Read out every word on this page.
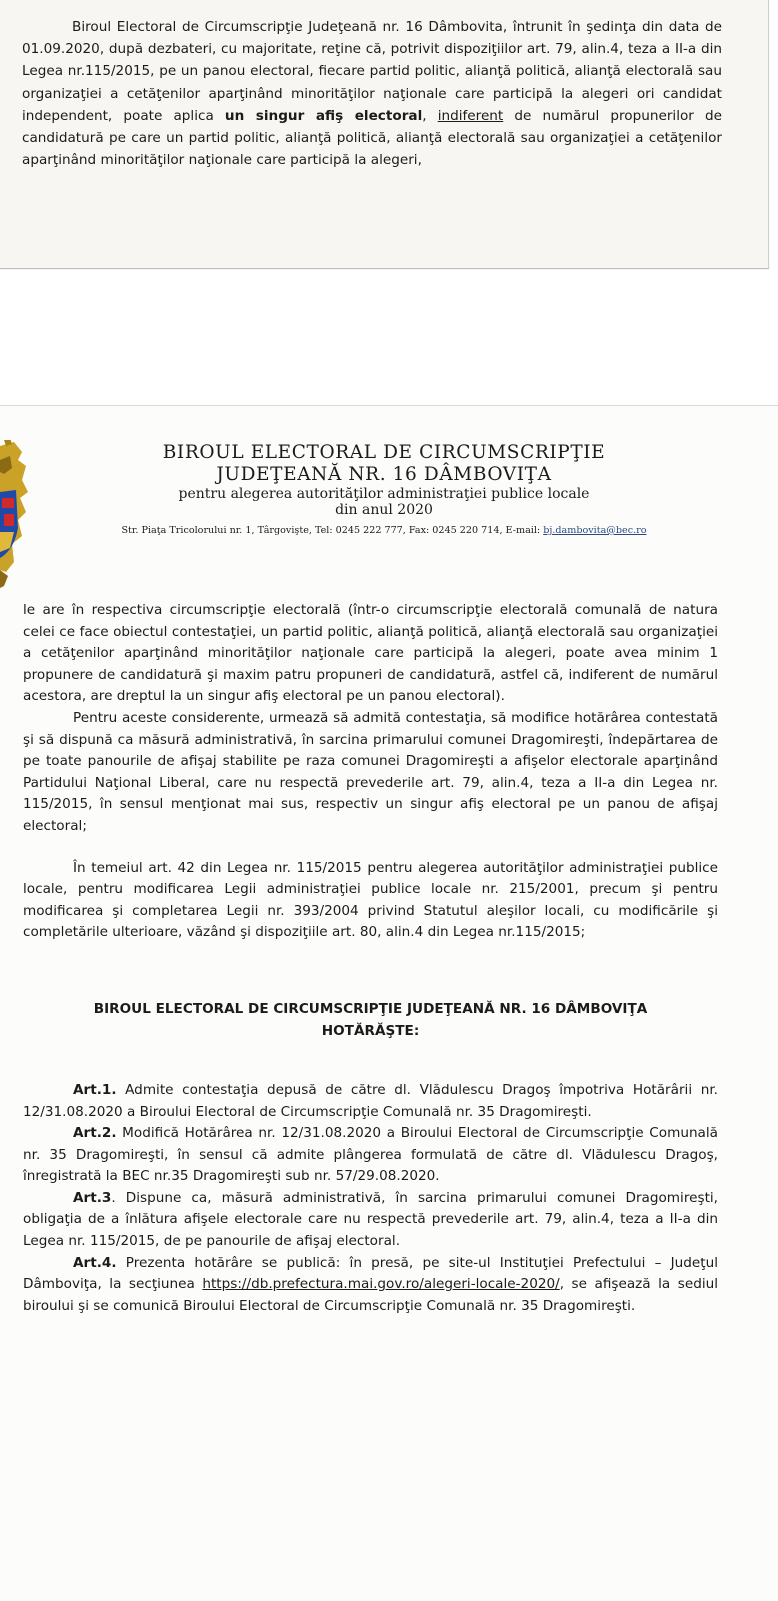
Biroul Electoral de Circumscripţie Judeţeană nr. 16 Dâmbovita, întrunit în şedinţa din data de 01.09.2020, după dezbateri, cu majoritate, reţine că, potrivit dispoziţiilor art. 79, alin.4, teza a II-a din Legea nr.115/2015, pe un panou electoral, fiecare partid politic, alianţă politică, alianţă electorală sau organizaţiei a cetăţenilor aparţinând minorităţilor naţionale care participă la alegeri ori candidat independent, poate aplica un singur afiş electoral, indiferent de numărul propunerilor de candidatură pe care un partid politic, alianţă politică, alianţă electorală sau organizaţiei a cetăţenilor aparţinând minorităţilor naţionale care participă la alegeri,
BIROUL ELECTORAL DE CIRCUMSCRIPŢIE
JUDEŢEANĂ NR. 16 DÂMBOVIŢA
pentru alegerea autorităţilor administraţiei publice locale
din anul 2020
Str. Piaţa Tricolorului nr. 1, Târgovişte, Tel: 0245 222 777, Fax: 0245 220 714, E-mail: bj.dambovita@bec.ro

le are în respectiva circumscripţie electorală (într-o circumscripţie electorală comunală de natura celei ce face obiectul contestaţiei, un partid politic, alianţă politică, alianţă electorală sau organizaţiei a cetăţenilor aparţinând minorităţilor naţionale care participă la alegeri, poate avea minim 1 propunere de candidatură şi maxim patru propuneri de candidatură, astfel că, indiferent de numărul acestora, are dreptul la un singur afiş electoral pe un panou electoral).

Pentru aceste considerente, urmează să admită contestaţia, să modifice hotărârea contestată şi să dispună ca măsură administrativă, în sarcina primarului comunei Dragomireşti, îndepărtarea de pe toate panourile de afişaj stabilite pe raza comunei Dragomireşti a afişelor electorale aparţinând Partidului Naţional Liberal, care nu respectă prevederile art. 79, alin.4, teza a II-a din Legea nr. 115/2015, în sensul menţionat mai sus, respectiv un singur afiş electoral pe un panou de afişaj electoral;

În temeiul art. 42 din Legea nr. 115/2015 pentru alegerea autorităţilor administraţiei publice locale, pentru modificarea Legii administraţiei publice locale nr. 215/2001, precum şi pentru modificarea şi completarea Legii nr. 393/2004 privind Statutul aleşilor locali, cu modificările şi completările ulterioare, văzând şi dispoziţiile art. 80, alin.4 din Legea nr.115/2015;

BIROUL ELECTORAL DE CIRCUMSCRIPŢIE JUDEŢEANĂ NR. 16 DÂMBOVIŢA
HOTĂRĂŞTE:

Art.1. Admite contestaţia depusă de către dl. Vlădulescu Dragoş împotriva Hotărârii nr. 12/31.08.2020 a Biroului Electoral de Circumscripţie Comunală nr. 35 Dragomireşti.

Art.2. Modifică Hotărârea nr. 12/31.08.2020 a Biroului Electoral de Circumscripţie Comunală nr. 35 Dragomireşti, în sensul că admite plângerea formulată de către dl. Vlădulescu Dragoş, înregistrată la BEC nr.35 Dragomireşti sub nr. 57/29.08.2020.

Art.3. Dispune ca, măsură administrativă, în sarcina primarului comunei Dragomireşti, obligaţia de a înlătura afişele electorale care nu respectă prevederile art. 79, alin.4, teza a II-a din Legea nr. 115/2015, de pe panourile de afişaj electoral.

Art.4. Prezenta hotărâre se publică: în presă, pe site-ul Instituţiei Prefectului – Judeţul Dâmboviţa, la secţiunea https://db.prefectura.mai.gov.ro/alegeri-locale-2020/, se afişează la sediul biroului şi se comunică Biroului Electoral de Circumscripţie Comunală nr. 35 Dragomireşti.
